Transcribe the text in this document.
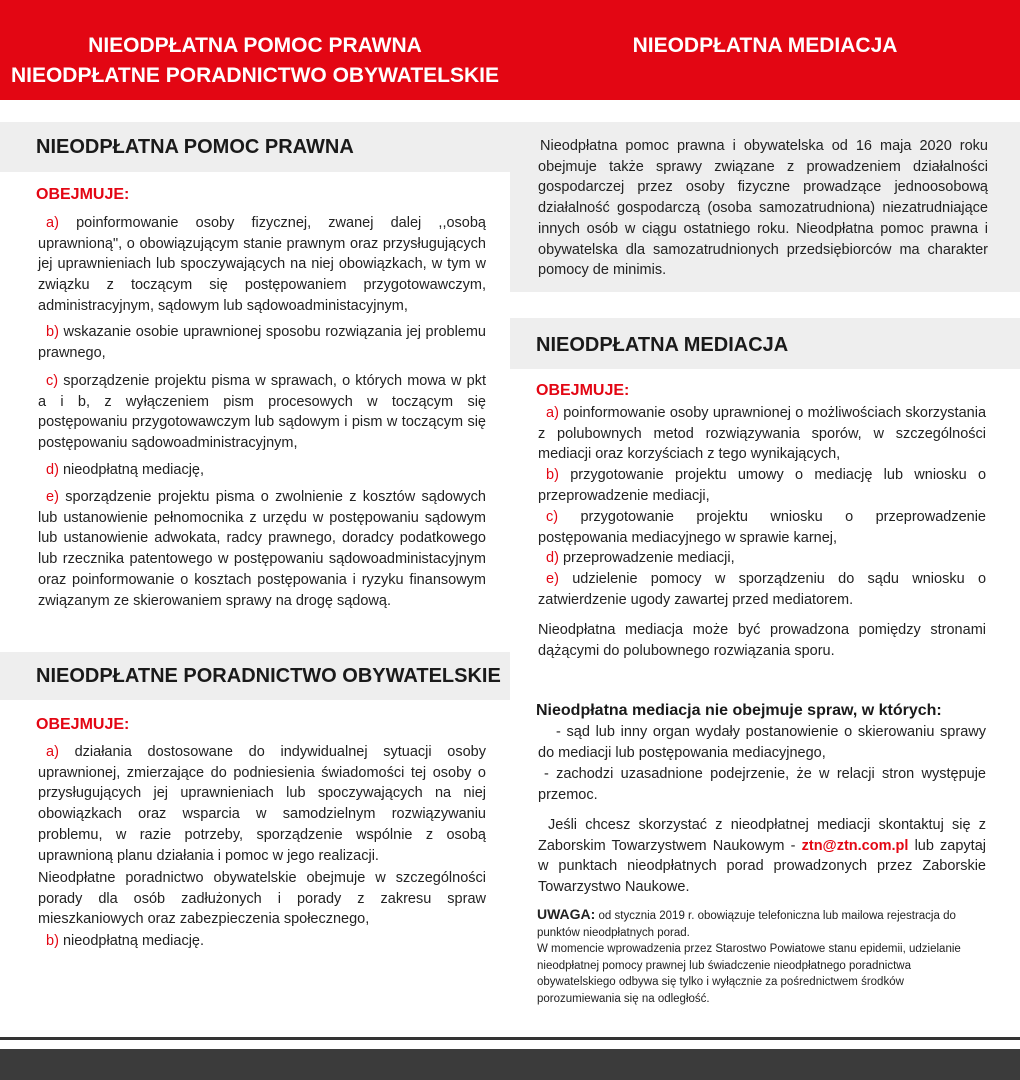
NIEODPŁATNA POMOC PRAWNA
NIEODPŁATNE PORADNICTWO OBYWATELSKIE
NIEODPŁATNA MEDIACJA
NIEODPŁATNA POMOC PRAWNA
OBEJMUJE:

a) poinformowanie osoby fizycznej, zwanej dalej ,,osobą uprawnioną", o obowiązującym stanie prawnym oraz przysługujących jej uprawnieniach lub spoczywających na niej obowiązkach, w tym w związku z toczącym się postępowaniem przygotowawczym, administracyjnym, sądowym lub sądowoadministacyjnym,

b) wskazanie osobie uprawnionej sposobu rozwiązania jej problemu prawnego,

c) sporządzenie projektu pisma w sprawach, o których mowa w pkt a i b, z wyłączeniem pism procesowych w toczącym się postępowaniu przygotowawczym lub sądowym i pism w toczącym się postępowaniu sądowoadministracyjnym,

d) nieodpłatną mediację,

e) sporządzenie projektu pisma o zwolnienie z kosztów sądowych lub ustanowienie pełnomocnika z urzędu w postępowaniu sądowym lub ustanowienie adwokata, radcy prawnego, doradcy podatkowego lub rzecznika patentowego w postępowaniu sądowoadministacyjnym oraz poinformowanie o kosztach postępowania i ryzyku finansowym związanym ze skierowaniem sprawy na drogę sądową.

NIEODPŁATNE PORADNICTWO OBYWATELSKIE
OBEJMUJE:

a) działania dostosowane do indywidualnej sytuacji osoby uprawnionej, zmierzające do podniesienia świadomości tej osoby o przysługujących jej uprawnieniach lub spoczywających na niej obowiązkach oraz wsparcia w samodzielnym rozwiązywaniu problemu, w razie potrzeby, sporządzenie wspólnie z osobą uprawnioną planu działania i pomoc w jego realizacji.

Nieodpłatne poradnictwo obywatelskie obejmuje w szczególności porady dla osób zadłużonych i porady z zakresu spraw mieszkaniowych oraz zabezpieczenia społecznego,

b) nieodpłatną mediację.

Nieodpłatna pomoc prawna i obywatelska od 16 maja 2020 roku obejmuje także sprawy związane z prowadzeniem działalności gospodarczej przez osoby fizyczne prowadzące jednoosobową działalność gospodarczą (osoba samozatrudniona) niezatrudniające innych osób w ciągu ostatniego roku. Nieodpłatna pomoc prawna i obywatelska dla samozatrudnionych przedsiębiorców ma charakter pomocy de minimis.

NIEODPŁATNA MEDIACJA
OBEJMUJE:

a) poinformowanie osoby uprawnionej o możliwościach skorzystania z polubownych metod rozwiązywania sporów, w szczególności mediacji oraz korzyściach z tego wynikających,

b) przygotowanie projektu umowy o mediację lub wniosku o przeprowadzenie mediacji,

c) przygotowanie projektu wniosku o przeprowadzenie postępowania mediacyjnego w sprawie karnej,

d) przeprowadzenie mediacji,

e) udzielenie pomocy w sporządzeniu do sądu wniosku o zatwierdzenie ugody zawartej przed mediatorem.

Nieodpłatna mediacja może być prowadzona pomiędzy stronami dążącymi do polubownego rozwiązania sporu.

Nieodpłatna mediacja nie obejmuje spraw, w których:

- sąd lub inny organ wydały postanowienie o skierowaniu sprawy do mediacji lub postępowania mediacyjnego,

- zachodzi uzasadnione podejrzenie, że w relacji stron występuje przemoc.

Jeśli chcesz skorzystać z nieodpłatnej mediacji skontaktuj się z Zaborskim Towarzystwem Naukowym - ztn@ztn.com.pl lub zapytaj w punktach nieodpłatnych porad prowadzonych przez Zaborskie Towarzystwo Naukowe.

UWAGA: od stycznia 2019 r. obowiązuje telefoniczna lub mailowa rejestracja do punktów nieodpłatnych porad.

W momencie wprowadzenia przez Starostwo Powiatowe stanu epidemii, udzielanie nieodpłatnej pomocy prawnej lub świadczenie nieodpłatnego poradnictwa obywatelskiego odbywa się tylko i wyłącznie za pośrednictwem środków porozumiewania się na odległość.
